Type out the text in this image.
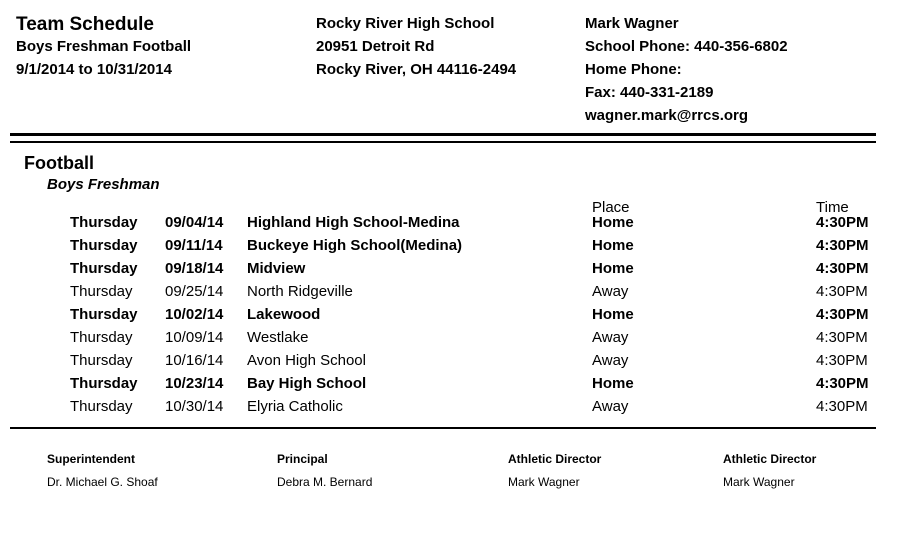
Team Schedule
Boys Freshman Football
9/1/2014 to 10/31/2014
Rocky River High School
20951 Detroit Rd
Rocky River, OH 44116-2494
Mark Wagner
School Phone: 440-356-6802
Home Phone:
Fax: 440-331-2189
wagner.mark@rrcs.org
Football
Boys Freshman
Place	Time
Thursday 09/04/14 Highland High School-Medina	Home	4:30PM
Thursday 09/11/14 Buckeye High School(Medina)	Home	4:30PM
Thursday 09/18/14 Midview	Home	4:30PM
Thursday 09/25/14 North Ridgeville	Away	4:30PM
Thursday 10/02/14 Lakewood	Home	4:30PM
Thursday 10/09/14 Westlake	Away	4:30PM
Thursday 10/16/14 Avon High School	Away	4:30PM
Thursday 10/23/14 Bay High School	Home	4:30PM
Thursday 10/30/14 Elyria Catholic	Away	4:30PM
Superintendent
Dr. Michael G. Shoaf
Principal
Debra M. Bernard
Athletic Director
Mark Wagner
Athletic Director
Mark Wagner
